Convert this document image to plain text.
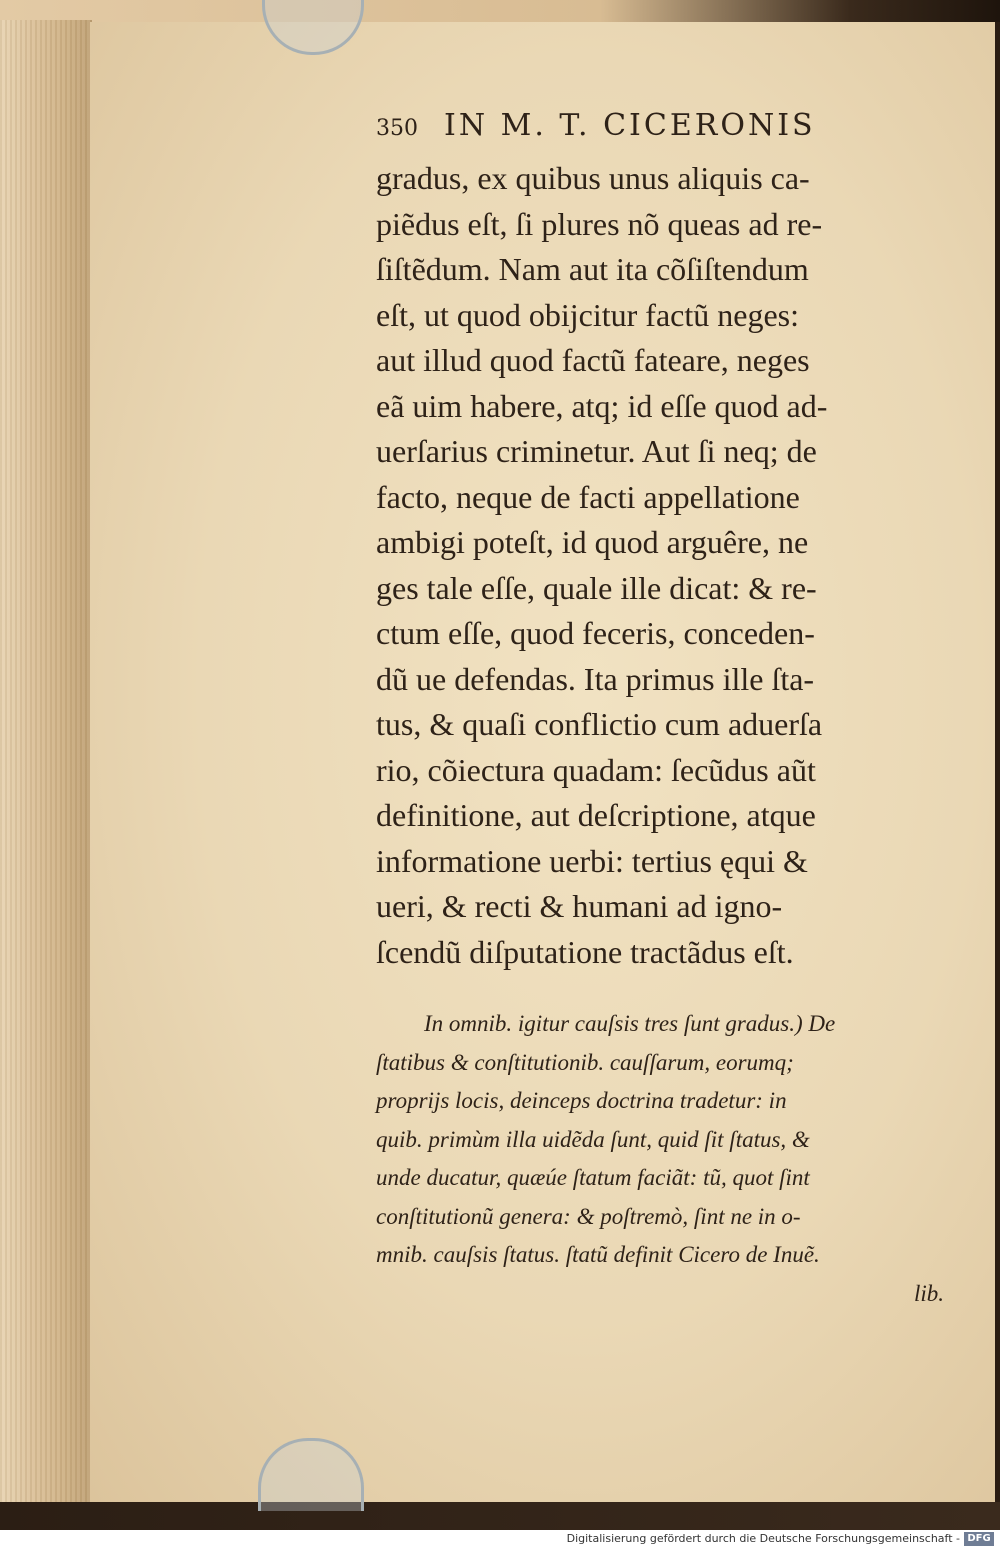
350 IN M. T. CICERONIS
gradus, ex quibus unus aliquis ca-
piẽdus eſt, ſi plures nõ queas ad re-
ſiſtẽdum. Nam aut ita cõſiſtendum
eſt, ut quod obijcitur factũ neges:
aut illud quod factũ fateare, neges
eã uim habere, atq; id eſſe quod ad-
uerſarius criminetur. Aut ſi neq; de
facto, neque de facti appellatione
ambigi poteſt, id quod arguêre, ne
ges tale eſſe, quale ille dicat: & re-
ctum eſſe, quod feceris, conceden-
dũ ue defendas. Ita primus ille ſta-
tus, & quaſi conflictio cum aduerſa
rio, cõiectura quadam: ſecũdus aũt
definitione, aut deſcriptione, atque
informatione uerbi: tertius ęqui &
ueri, & recti & humani ad igno-
ſcendũ diſputatione tractãdus eſt.
In omnib. igitur cauſsis tres ſunt gradus.) De
ſtatibus & conſtitutionib. cauſſarum, eorumq;
proprijs locis, deinceps doctrina tradetur: in
quib. primùm illa uidẽda ſunt, quid ſit ſtatus, &
unde ducatur, quæúe ſtatum faciãt: tũ, quot ſint
conſtitutionũ genera: & poſtremò, ſint ne in o-
mnib. cauſsis ſtatus. ſtatũ definit Cicero de Inuẽ.
lib.
Digitalisierung gefördert durch die Deutsche Forschungsgemeinschaft - DFG
